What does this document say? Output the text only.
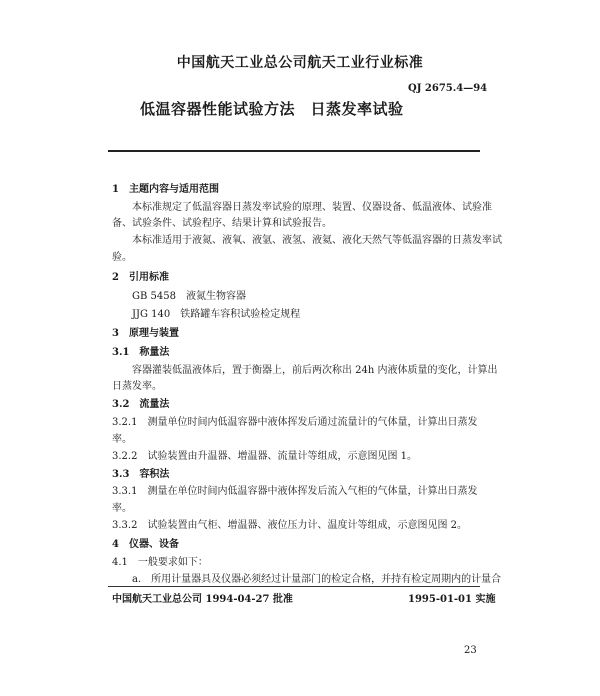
中国航天工业总公司航天工业行业标准
QJ 2675.4—94
低温容器性能试验方法　日蒸发率试验
1　主题内容与适用范围
本标准规定了低温容器日蒸发率试验的原理、装置、仪器设备、低温液体、试验准
备、试验条件、试验程序、结果计算和试验报告。
本标准适用于液氮、液氧、液氩、液氢、液氦、液化天然气等低温容器的日蒸发率试
验。
2　引用标准
GB 5458　液氮生物容器
JJG 140　铁路罐车容积试验检定规程
3　原理与装置
3.1　称量法
容器灌装低温液体后，置于衡器上，前后两次称出 24h 内液体质量的变化，计算出
日蒸发率。
3.2　流量法
3.2.1　测量单位时间内低温容器中液体挥发后通过流量计的气体量，计算出日蒸发
率。
3.2.2　试验装置由升温器、增温器、流量计等组成，示意图见图 1。
3.3　容积法
3.3.1　测量在单位时间内低温容器中液体挥发后流入气柜的气体量，计算出日蒸发
率。
3.3.2　试验装置由气柜、增温器、液位压力计、温度计等组成，示意图见图 2。
4　仪器、设备
4.1　一般要求如下：
a.　所用计量器具及仪器必须经过计量部门的检定合格，并持有检定周期内的计量合
中国航天工业总公司 1994-04-27 批准	1995-01-01 实施
23
